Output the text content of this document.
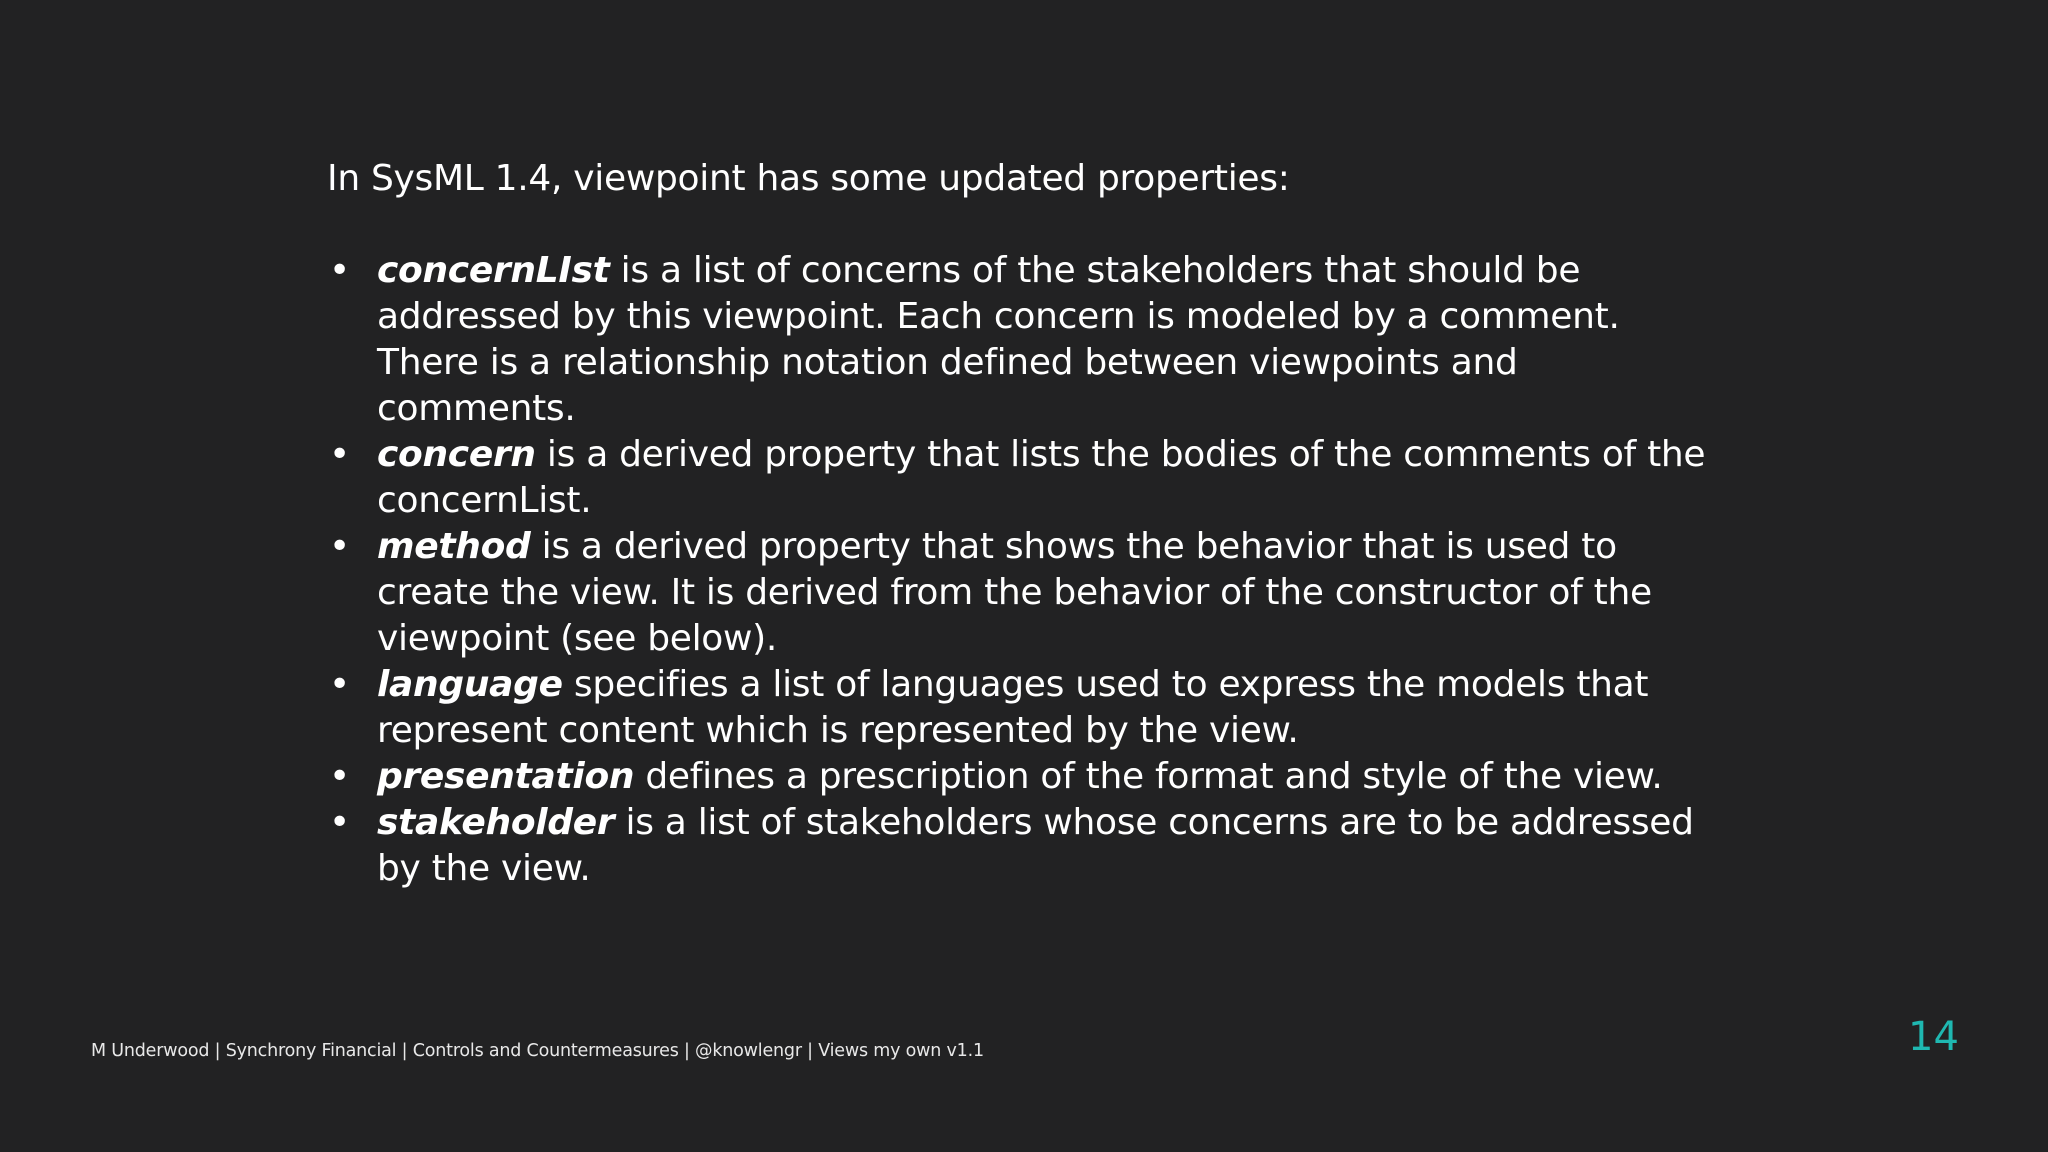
In SysML 1.4, viewpoint has some updated properties:

• concernLIst is a list of concerns of the stakeholders that should be addressed by this viewpoint. Each concern is modeled by a comment. There is a relationship notation defined between viewpoints and comments.
• concern is a derived property that lists the bodies of the comments of the concernList.
• method is a derived property that shows the behavior that is used to create the view. It is derived from the behavior of the constructor of the viewpoint (see below).
• language specifies a list of languages used to express the models that represent content which is represented by the view.
• presentation defines a prescription of the format and style of the view.
• stakeholder is a list of stakeholders whose concerns are to be addressed by the view.
M Underwood | Synchrony Financial | Controls and Countermeasures | @knowlengr | Views my own v1.1	14
